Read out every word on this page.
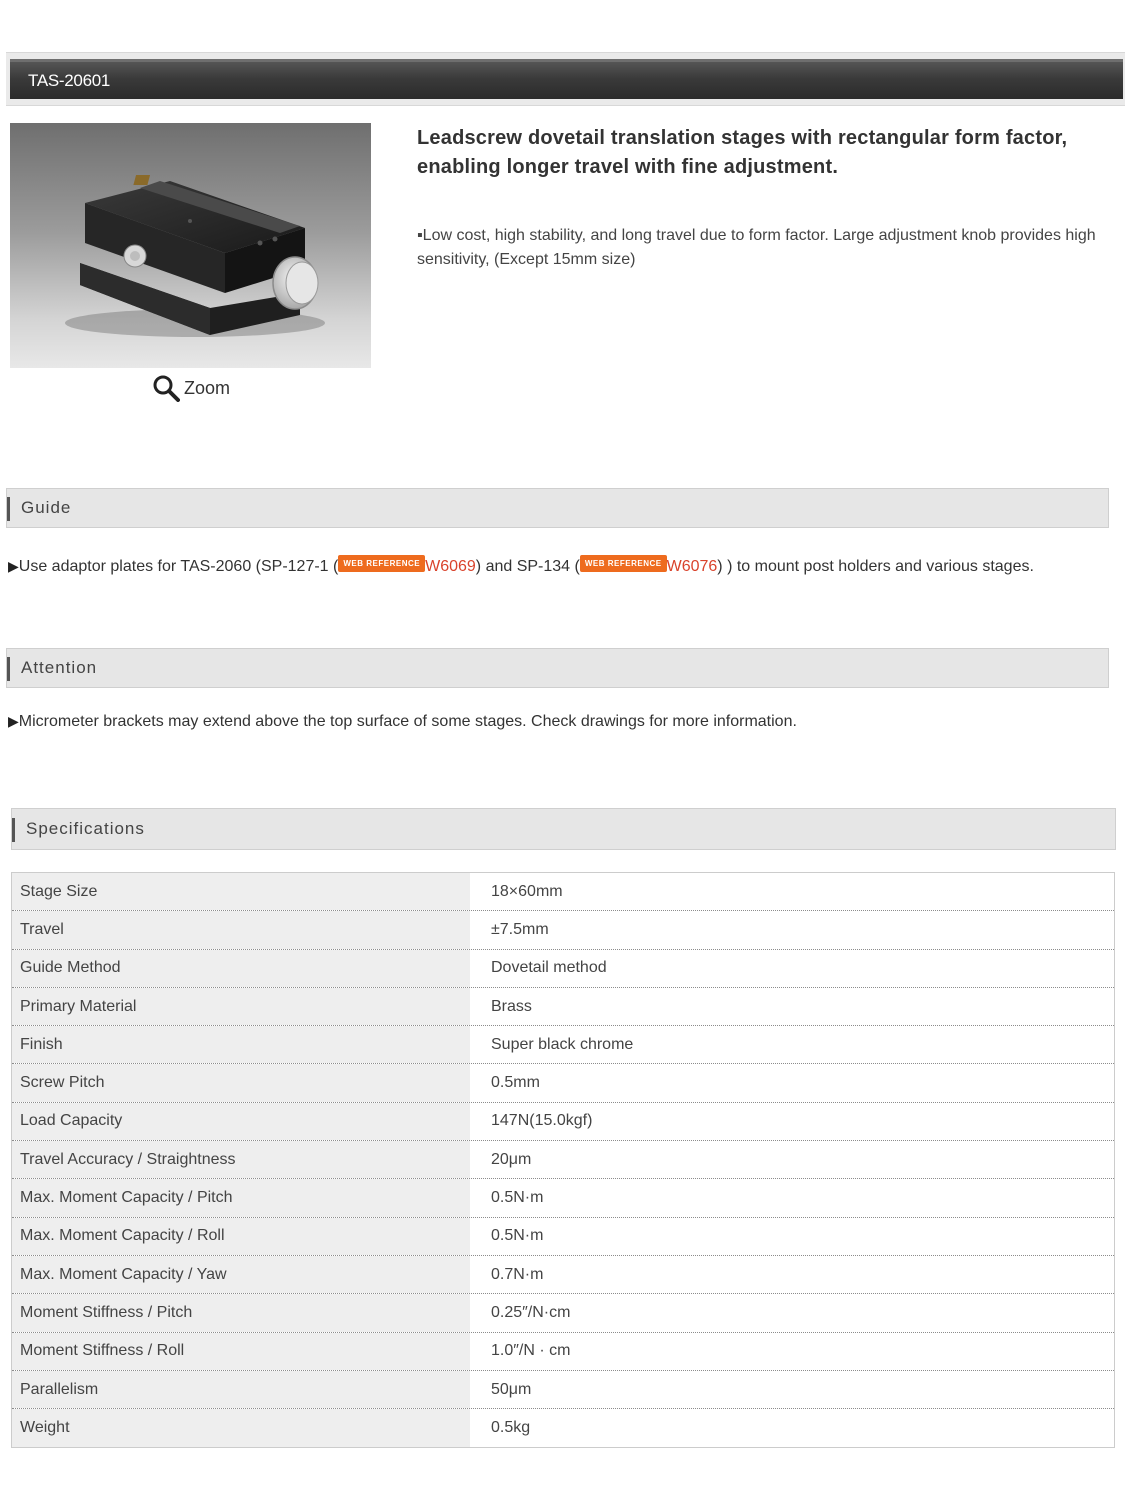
TAS-20601
Zoom
Leadscrew dovetail translation stages with rectangular form factor, enabling longer travel with fine adjustment.
▪Low cost, high stability, and long travel due to form factor. Large adjustment knob provides high sensitivity, (Except 15mm size)
Guide
▶Use adaptor plates for TAS-2060 (SP-127-1 ( WEB REFERENCE W6069) and SP-134 ( WEB REFERENCE W6076) ) to mount post holders and various stages.
Attention
▶Micrometer brackets may extend above the top surface of some stages. Check drawings for more information.
Specifications
Stage Size	18×60mm
Travel	±7.5mm
Guide Method	Dovetail method
Primary Material	Brass
Finish	Super black chrome
Screw Pitch	0.5mm
Load Capacity	147N(15.0kgf)
Travel Accuracy / Straightness	20μm
Max. Moment Capacity / Pitch	0.5N·m
Max. Moment Capacity / Roll	0.5N·m
Max. Moment Capacity / Yaw	0.7N·m
Moment Stiffness / Pitch	0.25″/N·cm
Moment Stiffness / Roll	1.0″/N · cm
Parallelism	50μm
Weight	0.5kg
